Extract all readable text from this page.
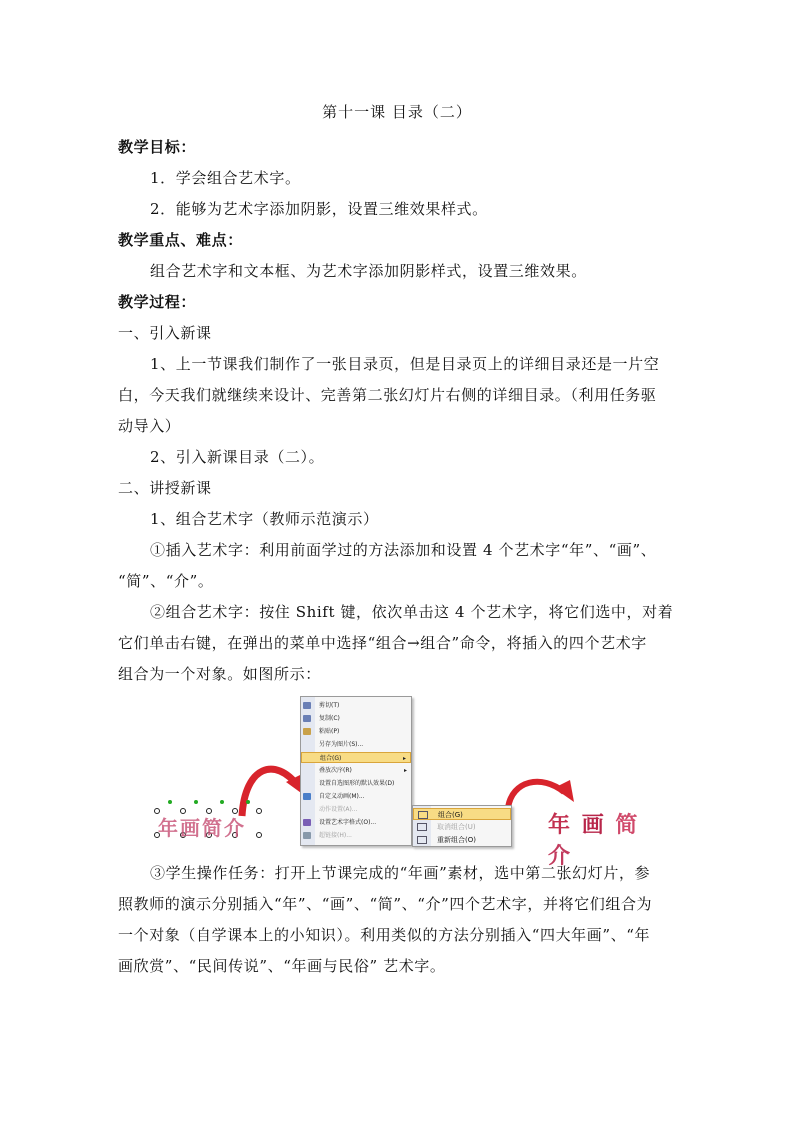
第十一课 目录（二）
教学目标：
1．学会组合艺术字。
2．能够为艺术字添加阴影，设置三维效果样式。
教学重点、难点：
组合艺术字和文本框、为艺术字添加阴影样式，设置三维效果。
教学过程：
一、引入新课
1、上一节课我们制作了一张目录页，但是目录页上的详细目录还是一片空
白，今天我们就继续来设计、完善第二张幻灯片右侧的详细目录。（利用任务驱
动导入）
2、引入新课目录（二）。
二、讲授新课
1、组合艺术字（教师示范演示）
①插入艺术字：利用前面学过的方法添加和设置 4 个艺术字“年”、“画”、
“简”、“介”。
②组合艺术字：按住 Shift 键，依次单击这 4 个艺术字，将它们选中，对着
它们单击右键，在弹出的菜单中选择“组合→组合”命令，将插入的四个艺术字
组合为一个对象。如图所示：
年画简介
剪切(T)
复制(C)
粘贴(P)
另存为图片(S)...
组合(G)	▸
叠放次序(R)	▸
设置自选图形的默认效果(D)
自定义动画(M)...
动作设置(A)...
设置艺术字格式(O)...
超链接(H)...
组合(G)
取消组合(U)
重新组合(O)
年 画 简 介
③学生操作任务：打开上节课完成的“年画”素材，选中第二张幻灯片，参
照教师的演示分别插入“年”、“画”、“简”、“介”四个艺术字，并将它们组合为
一个对象（自学课本上的小知识）。利用类似的方法分别插入“四大年画”、“年
画欣赏”、“民间传说”、“年画与民俗” 艺术字。
